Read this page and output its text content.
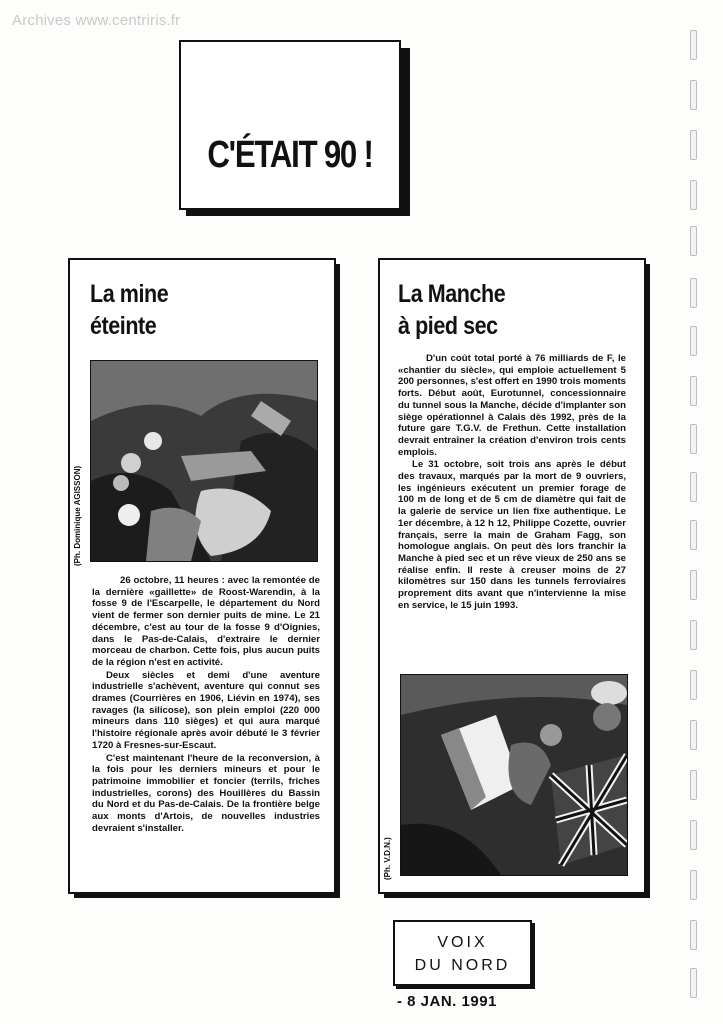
Archives www.centriris.fr
C'ÉTAIT 90 !
La mine
éteinte
(Ph. Dominique AGISSON)

26 octobre, 11 heures : avec la remontée de la dernière «gaillette» de Roost-Warendin, à la fosse 9 de l'Escarpelle, le département du Nord vient de fermer son dernier puits de mine. Le 21 décembre, c'est au tour de la fosse 9 d'Oignies, dans le Pas-de-Calais, d'extraire le dernier morceau de charbon. Cette fois, plus aucun puits de la région n'est en activité.

Deux siècles et demi d'une aventure industrielle s'achèvent, aventure qui connut ses drames (Courrières en 1906, Liévin en 1974), ses ravages (la silicose), son plein emploi (220 000 mineurs dans 110 sièges) et qui aura marqué l'histoire régionale après avoir débuté le 3 février 1720 à Fresnes-sur-Escaut.

C'est maintenant l'heure de la reconversion, à la fois pour les derniers mineurs et pour le patrimoine immobilier et foncier (terrils, friches industrielles, corons) des Houillères du Bassin du Nord et du Pas-de-Calais. De la frontière belge aux monts d'Artois, de nouvelles industries devraient s'installer.

La Manche
à pied sec

D'un coût total porté à 76 milliards de F, le «chantier du siècle», qui emploie actuellement 5 200 personnes, s'est offert en 1990 trois moments forts. Début août, Eurotunnel, concessionnaire du tunnel sous la Manche, décide d'implanter son siège opérationnel à Calais dès 1992, près de la future gare T.G.V. de Frethun. Cette installation devrait entraîner la création d'environ trois cents emplois.

Le 31 octobre, soit trois ans après le début des travaux, marqués par la mort de 9 ouvriers, les ingénieurs exécutent un premier forage de 100 m de long et de 5 cm de diamètre qui fait de la galerie de service un lien fixe authentique. Le 1er décembre, à 12 h 12, Philippe Cozette, ouvrier français, serre la main de Graham Fagg, son homologue anglais. On peut dès lors franchir la Manche à pied sec et un rêve vieux de 250 ans se réalise enfin. Il reste à creuser moins de 27 kilomètres sur 150 dans les tunnels ferroviaires proprement dits avant que n'intervienne la mise en service, le 15 juin 1993.

(Ph. V.D.N.)
VOIX
DU NORD
- 8 JAN. 1991
